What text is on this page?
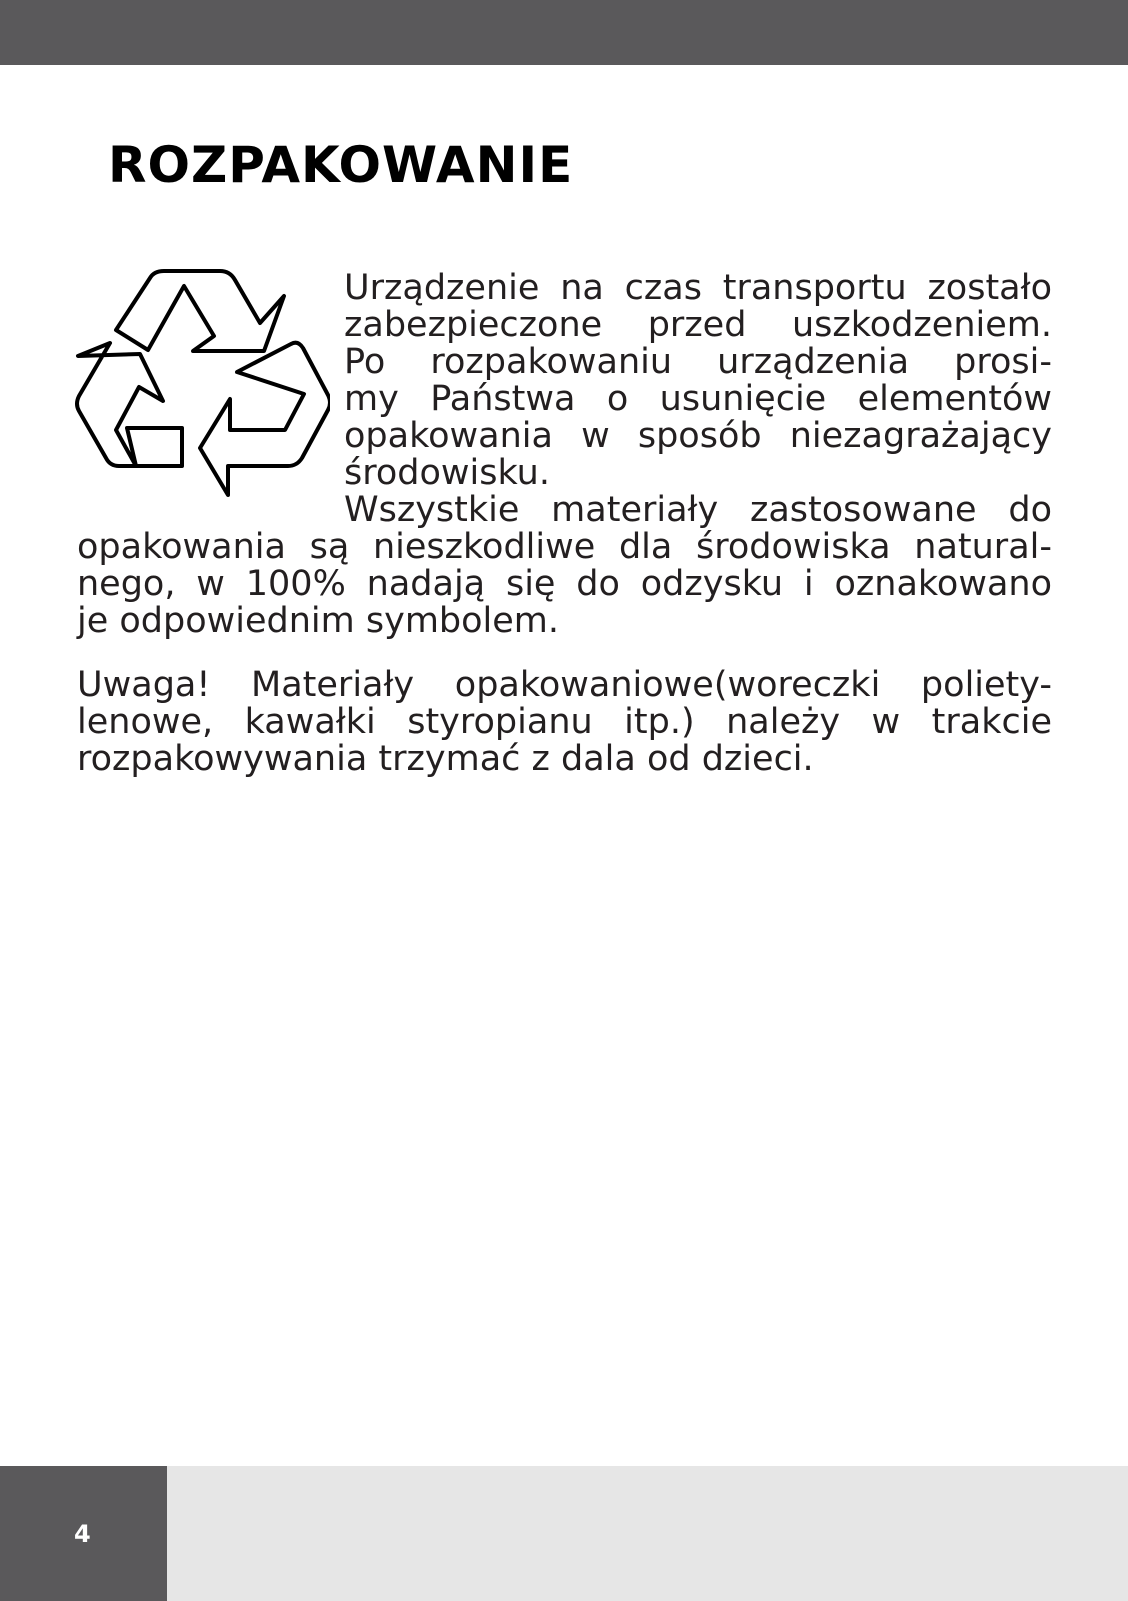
ROZPAKOWANIE
Urządzenie na czas transportu zostało
zabezpieczone przed uszkodzeniem.
Po rozpakowaniu urządzenia prosi-
my Państwa o usunięcie elementów
opakowania w sposób niezagrażający
środowisku.
Wszystkie materiały zastosowane do
opakowania są nieszkodliwe dla środowiska natural-
nego, w 100% nadają się do odzysku i oznakowano
je odpowiednim symbolem.
Uwaga! Materiały opakowaniowe(woreczki poliety-
lenowe, kawałki styropianu itp.) należy w trakcie
rozpakowywania trzymać z dala od dzieci.
4
